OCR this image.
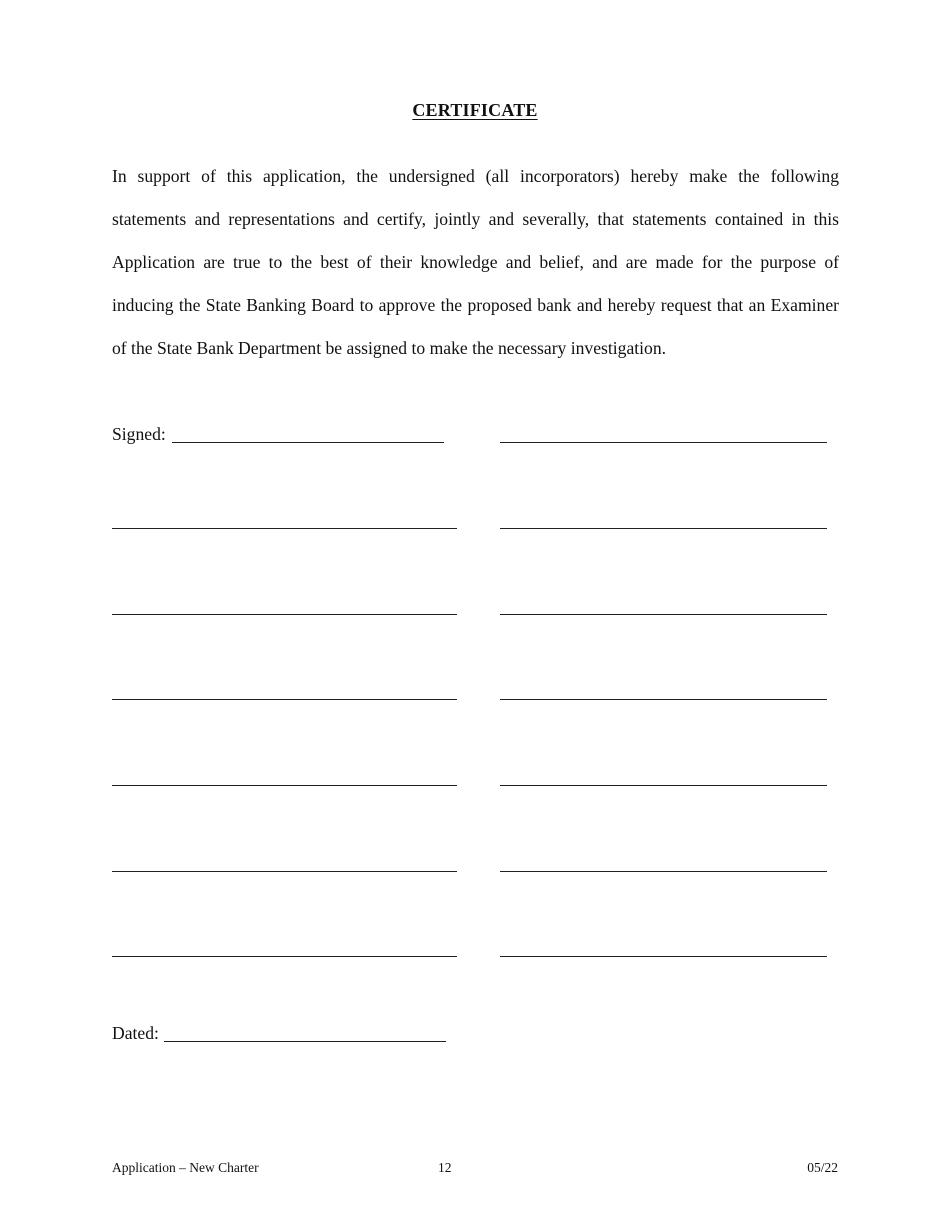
CERTIFICATE

In support of this application, the undersigned (all incorporators) hereby make the following statements and representations and certify, jointly and severally, that statements contained in this Application are true to the best of their knowledge and belief, and are made for the purpose of inducing the State Banking Board to approve the proposed bank and hereby request that an Examiner of the State Bank Department be assigned to make the necessary investigation.

Signed:
Dated:
Application – New Charter	12	05/22
